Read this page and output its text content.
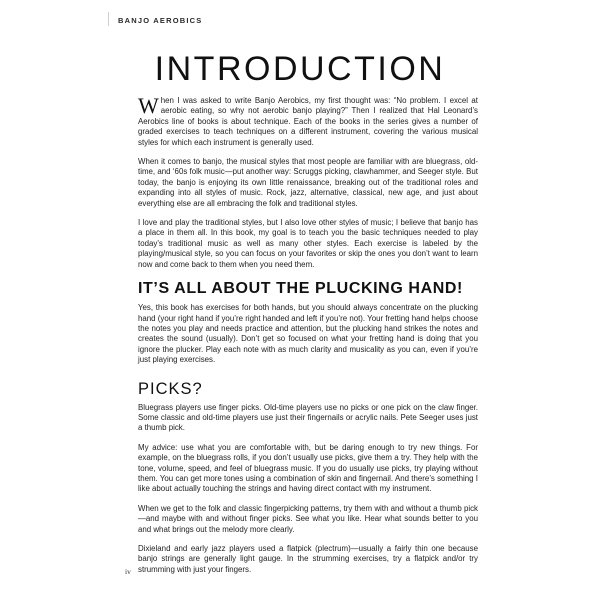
BANJO AEROBICS
INTRODUCTION

When I was asked to write Banjo Aerobics, my first thought was: “No problem. I excel at aerobic eating, so why not aerobic banjo playing?” Then I realized that Hal Leonard’s Aerobics line of books is about technique. Each of the books in the series gives a number of graded exercises to teach techniques on a different instrument, covering the various musical styles for which each instrument is generally used.

When it comes to banjo, the musical styles that most people are familiar with are bluegrass, old-time, and ‘60s folk music—put another way: Scruggs picking, clawhammer, and Seeger style. But today, the banjo is enjoying its own little renaissance, breaking out of the traditional roles and expanding into all styles of music. Rock, jazz, alternative, classical, new age, and just about everything else are all embracing the folk and traditional styles.

I love and play the traditional styles, but I also love other styles of music; I believe that banjo has a place in them all. In this book, my goal is to teach you the basic techniques needed to play today’s traditional music as well as many other styles. Each exercise is labeled by the playing/musical style, so you can focus on your favorites or skip the ones you don’t want to learn now and come back to them when you need them.

IT’S ALL ABOUT THE PLUCKING HAND!

Yes, this book has exercises for both hands, but you should always concentrate on the plucking hand (your right hand if you’re right handed and left if you’re not). Your fretting hand helps choose the notes you play and needs practice and attention, but the plucking hand strikes the notes and creates the sound (usually). Don’t get so focused on what your fretting hand is doing that you ignore the plucker. Play each note with as much clarity and musicality as you can, even if you’re just playing exercises.

PICKS?

Bluegrass players use finger picks. Old-time players use no picks or one pick on the claw finger. Some classic and old-time players use just their fingernails or acrylic nails. Pete Seeger uses just a thumb pick.

My advice: use what you are comfortable with, but be daring enough to try new things. For example, on the bluegrass rolls, if you don’t usually use picks, give them a try. They help with the tone, volume, speed, and feel of bluegrass music. If you do usually use picks, try playing without them. You can get more tones using a combination of skin and fingernail. And there’s something I like about actually touching the strings and having direct contact with my instrument.

When we get to the folk and classic fingerpicking patterns, try them with and without a thumb pick—and maybe with and without finger picks. See what you like. Hear what sounds better to you and what brings out the melody more clearly.

Dixieland and early jazz players used a flatpick (plectrum)—usually a fairly thin one because banjo strings are generally light gauge. In the strumming exercises, try a flatpick and/or try strumming with just your fingers.

iv
